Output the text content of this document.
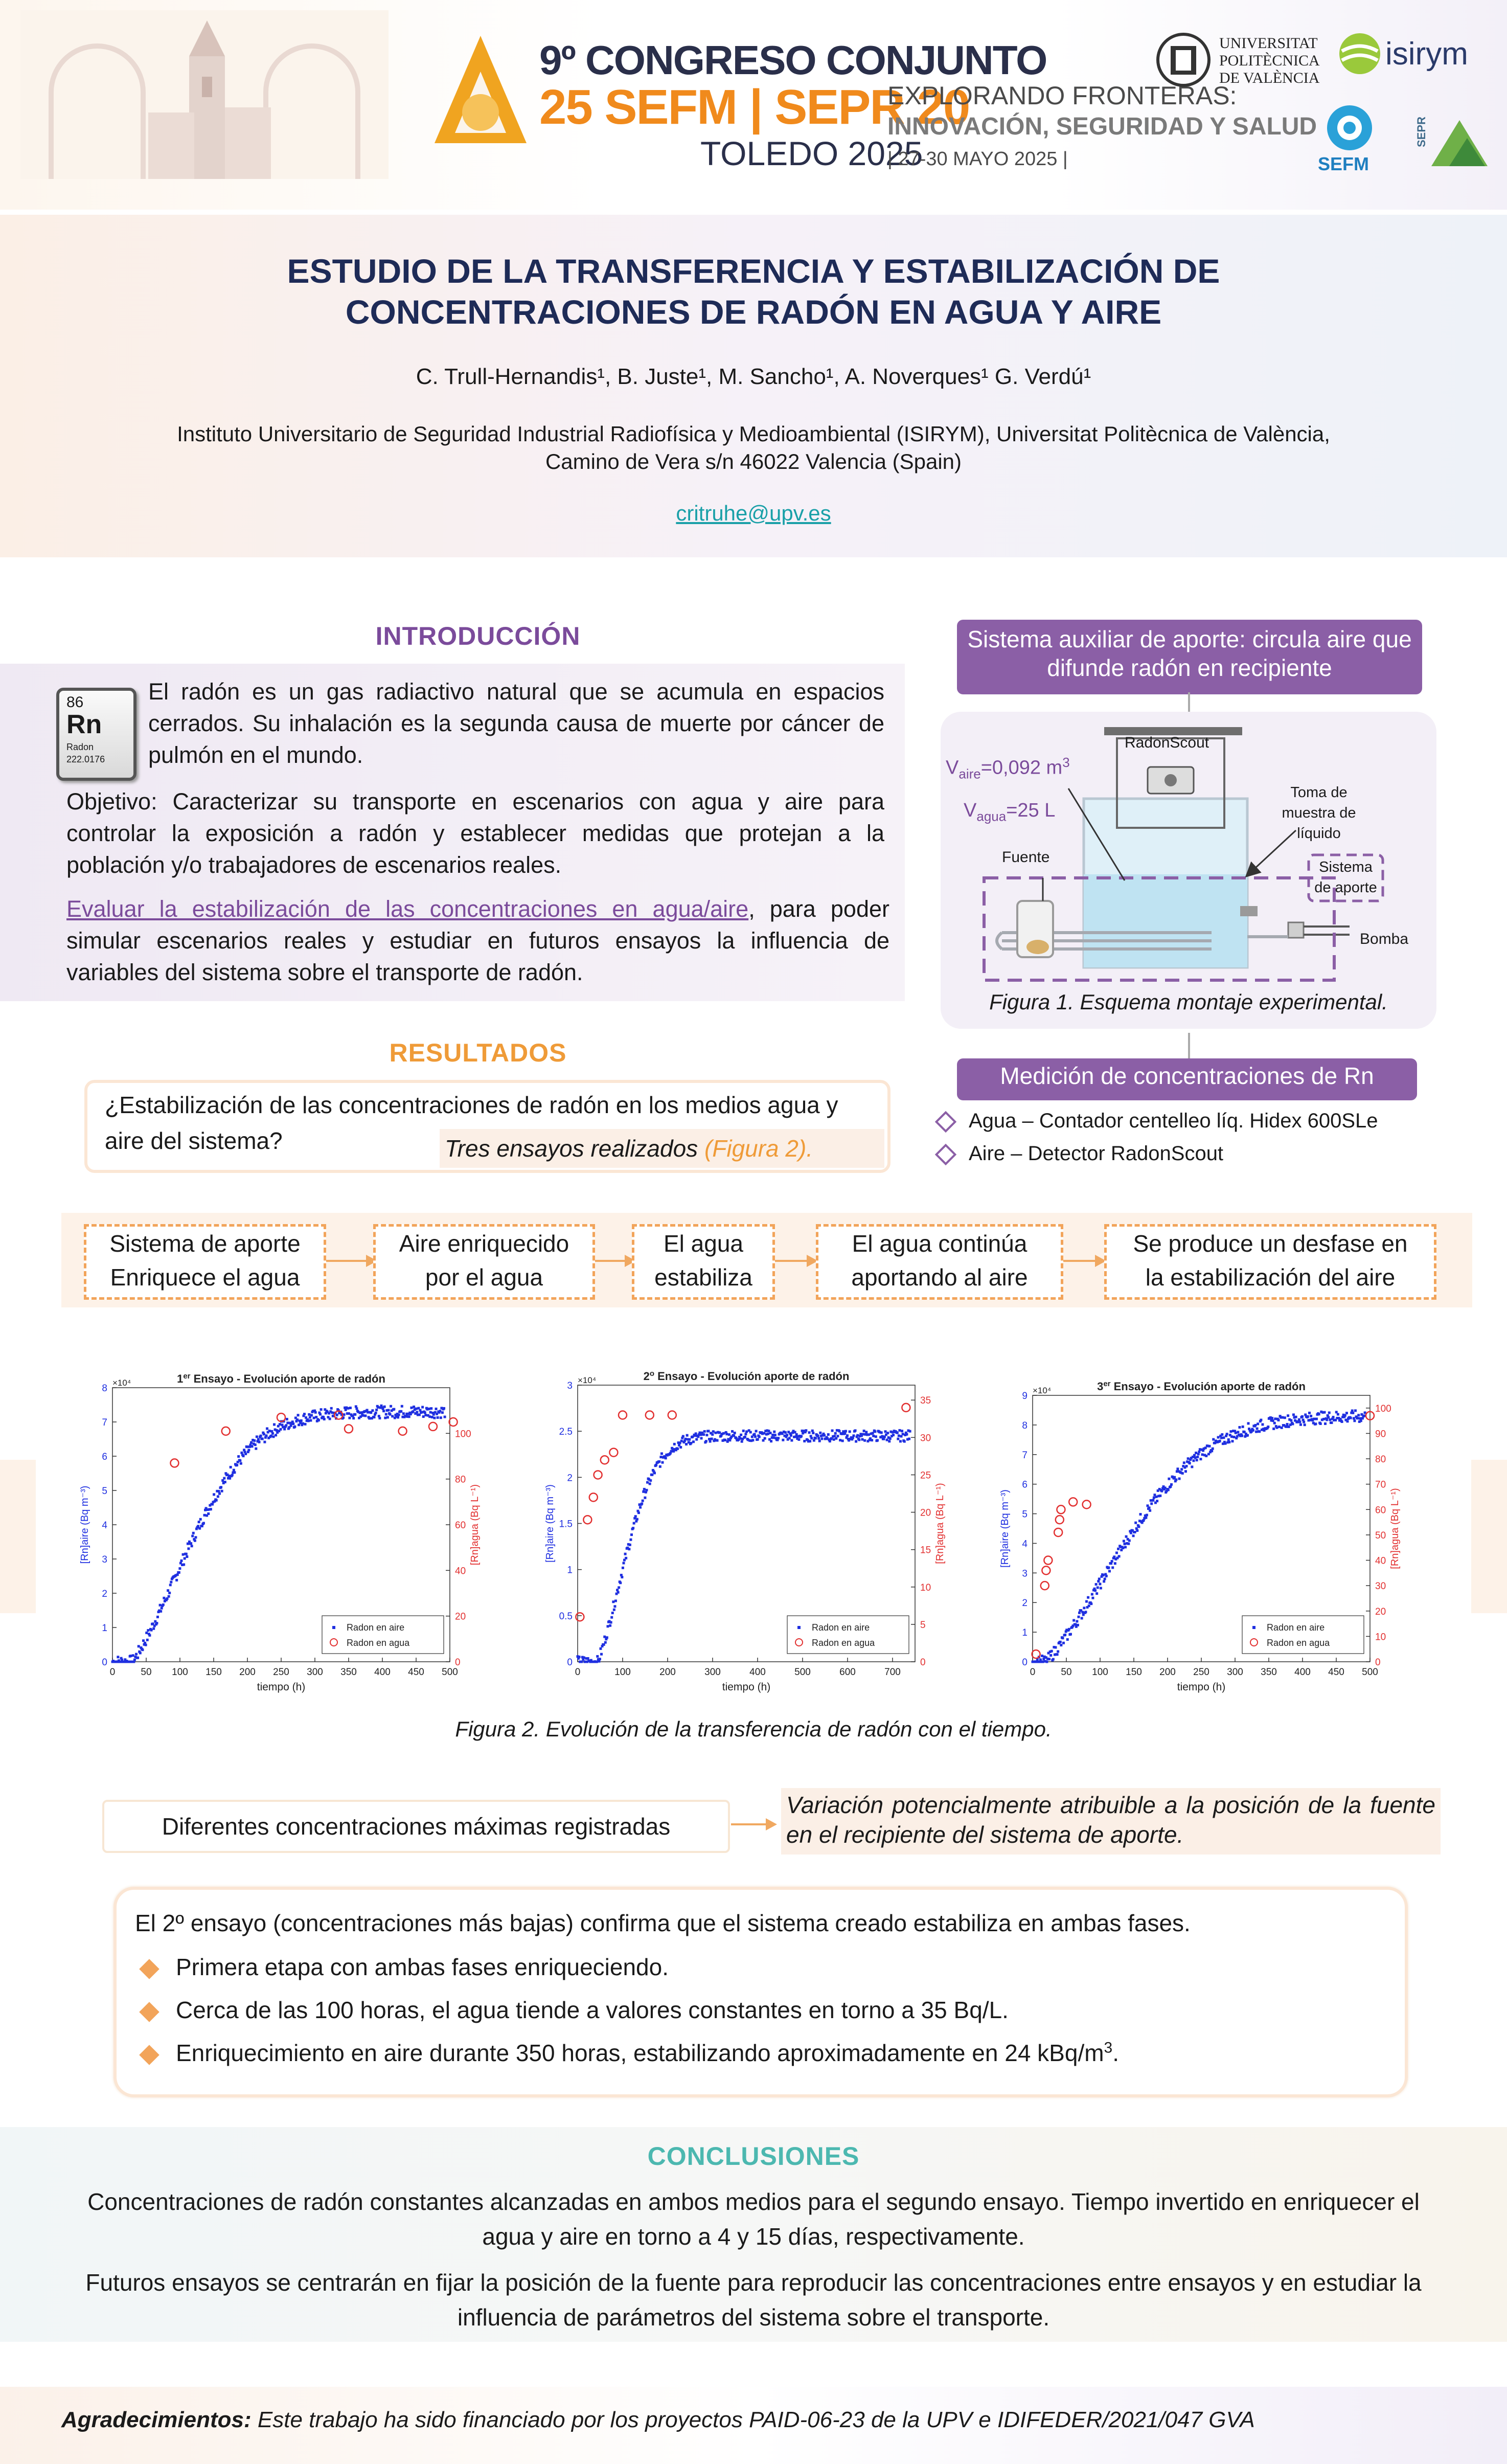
9º CONGRESO CONJUNTO
25 SEFM | SEPR 20
TOLEDO 2025
EXPLORANDO FRONTERAS:
INNOVACIÓN, SEGURIDAD Y SALUD
| 27-30 MAYO 2025 |
UNIVERSITAT
POLITÈCNICA
DE VALÈNCIA
isirym
SEFM
SEPR
ESTUDIO DE LA TRANSFERENCIA Y ESTABILIZACIÓN DE
CONCENTRACIONES DE RADÓN EN AGUA Y AIRE
C. Trull-Hernandis¹, B. Juste¹, M. Sancho¹, A. Noverques¹ G. Verdú¹
Instituto Universitario de Seguridad Industrial Radiofísica y Medioambiental (ISIRYM), Universitat Politècnica de València, Camino de Vera s/n 46022 Valencia (Spain)
critruhe@upv.es
INTRODUCCIÓN
86
Rn
Radon
222.0176
El radón es un gas radiactivo natural que se acumula en espacios cerrados. Su inhalación es la segunda causa de muerte por cáncer de pulmón en el mundo.
Objetivo: Caracterizar su transporte en escenarios con agua y aire para controlar la exposición a radón y establecer medidas que protejan a la población y/o trabajadores de escenarios reales.
Evaluar la estabilización de las concentraciones en agua/aire, para poder simular escenarios reales y estudiar en futuros ensayos la influencia de variables del sistema sobre el transporte de radón.
Sistema auxiliar de aporte: circula aire que difunde radón en recipiente
$V_{aire}=0,092$ $m^3$
$V_{agua}=25$ L
RadonScout
Fuente
Toma de muestra de líquido
Sistema de aporte
Bomba
Figura 1. Esquema montaje experimental.
Medición de concentraciones de Rn
Agua – Contador centelleo líq. Hidex 600SLe
Aire – Detector RadonScout
RESULTADOS
¿Estabilización de las concentraciones de radón en los medios agua y aire del sistema?	Tres ensayos realizados (Figura 2).
Sistema de aporte
Enriquece el agua
Aire enriquecido
por el agua
El agua
estabiliza
El agua continúa
aportando al aire
Se produce un desfase en
la estabilización del aire
1er Ensayo - Evolución aporte de radón
×10⁴
0	50 100 150 200 250 300 350 400 450 500
0
1
2
3
4
5
6
7
8
0
20
40
60
80
100
tiempo (h)
[Rn]aire (Bq m⁻³)	[Rn]agua (Bq L⁻¹)
Radon en aire
Radon en agua
2$^o$ Ensayo - Evolución aporte de radón
×10⁴
0	100	200	300	400	500	600	700
0
0.5
1
1.5
2
2.5
3
0
5
10
15
20
25
30
35
tiempo (h)
[Rn]aire (Bq m⁻³)	[Rn]agua (Bq L⁻¹)
Radon en aire
Radon en agua
3er Ensayo - Evolución aporte de radón
×10⁴
0	50 100 150 200 250 300 350 400 450 500
0
1
2
3
4
5
6
7
8
9
0
10
20
30
40
50
60
70
80
90
100
tiempo (h)
[Rn]aire (Bq m⁻³)	[Rn]agua (Bq L⁻¹)
Radon en aire
Radon en agua
Figura 2. Evolución de la transferencia de radón con el tiempo.
Diferentes concentraciones máximas registradas
Variación potencialmente atribuible a la posición de la fuente en el recipiente del sistema de aporte.
El 2º ensayo (concentraciones más bajas) confirma que el sistema creado estabiliza en ambas fases.
Primera etapa con ambas fases enriqueciendo.
Cerca de las 100 horas, el agua tiende a valores constantes en torno a 35 Bq/L.
Enriquecimiento en aire durante 350 horas, estabilizando aproximadamente en 24 kBq/$m^3$.
CONCLUSIONES
Concentraciones de radón constantes alcanzadas en ambos medios para el segundo ensayo. Tiempo invertido en enriquecer el agua y aire en torno a 4 y 15 días, respectivamente.
Futuros ensayos se centrarán en fijar la posición de la fuente para reproducir las concentraciones entre ensayos y en estudiar la influencia de parámetros del sistema sobre el transporte.
Agradecimientos: Este trabajo ha sido financiado por los proyectos PAID-06-23 de la UPV e IDIFEDER/2021/047 GVA
